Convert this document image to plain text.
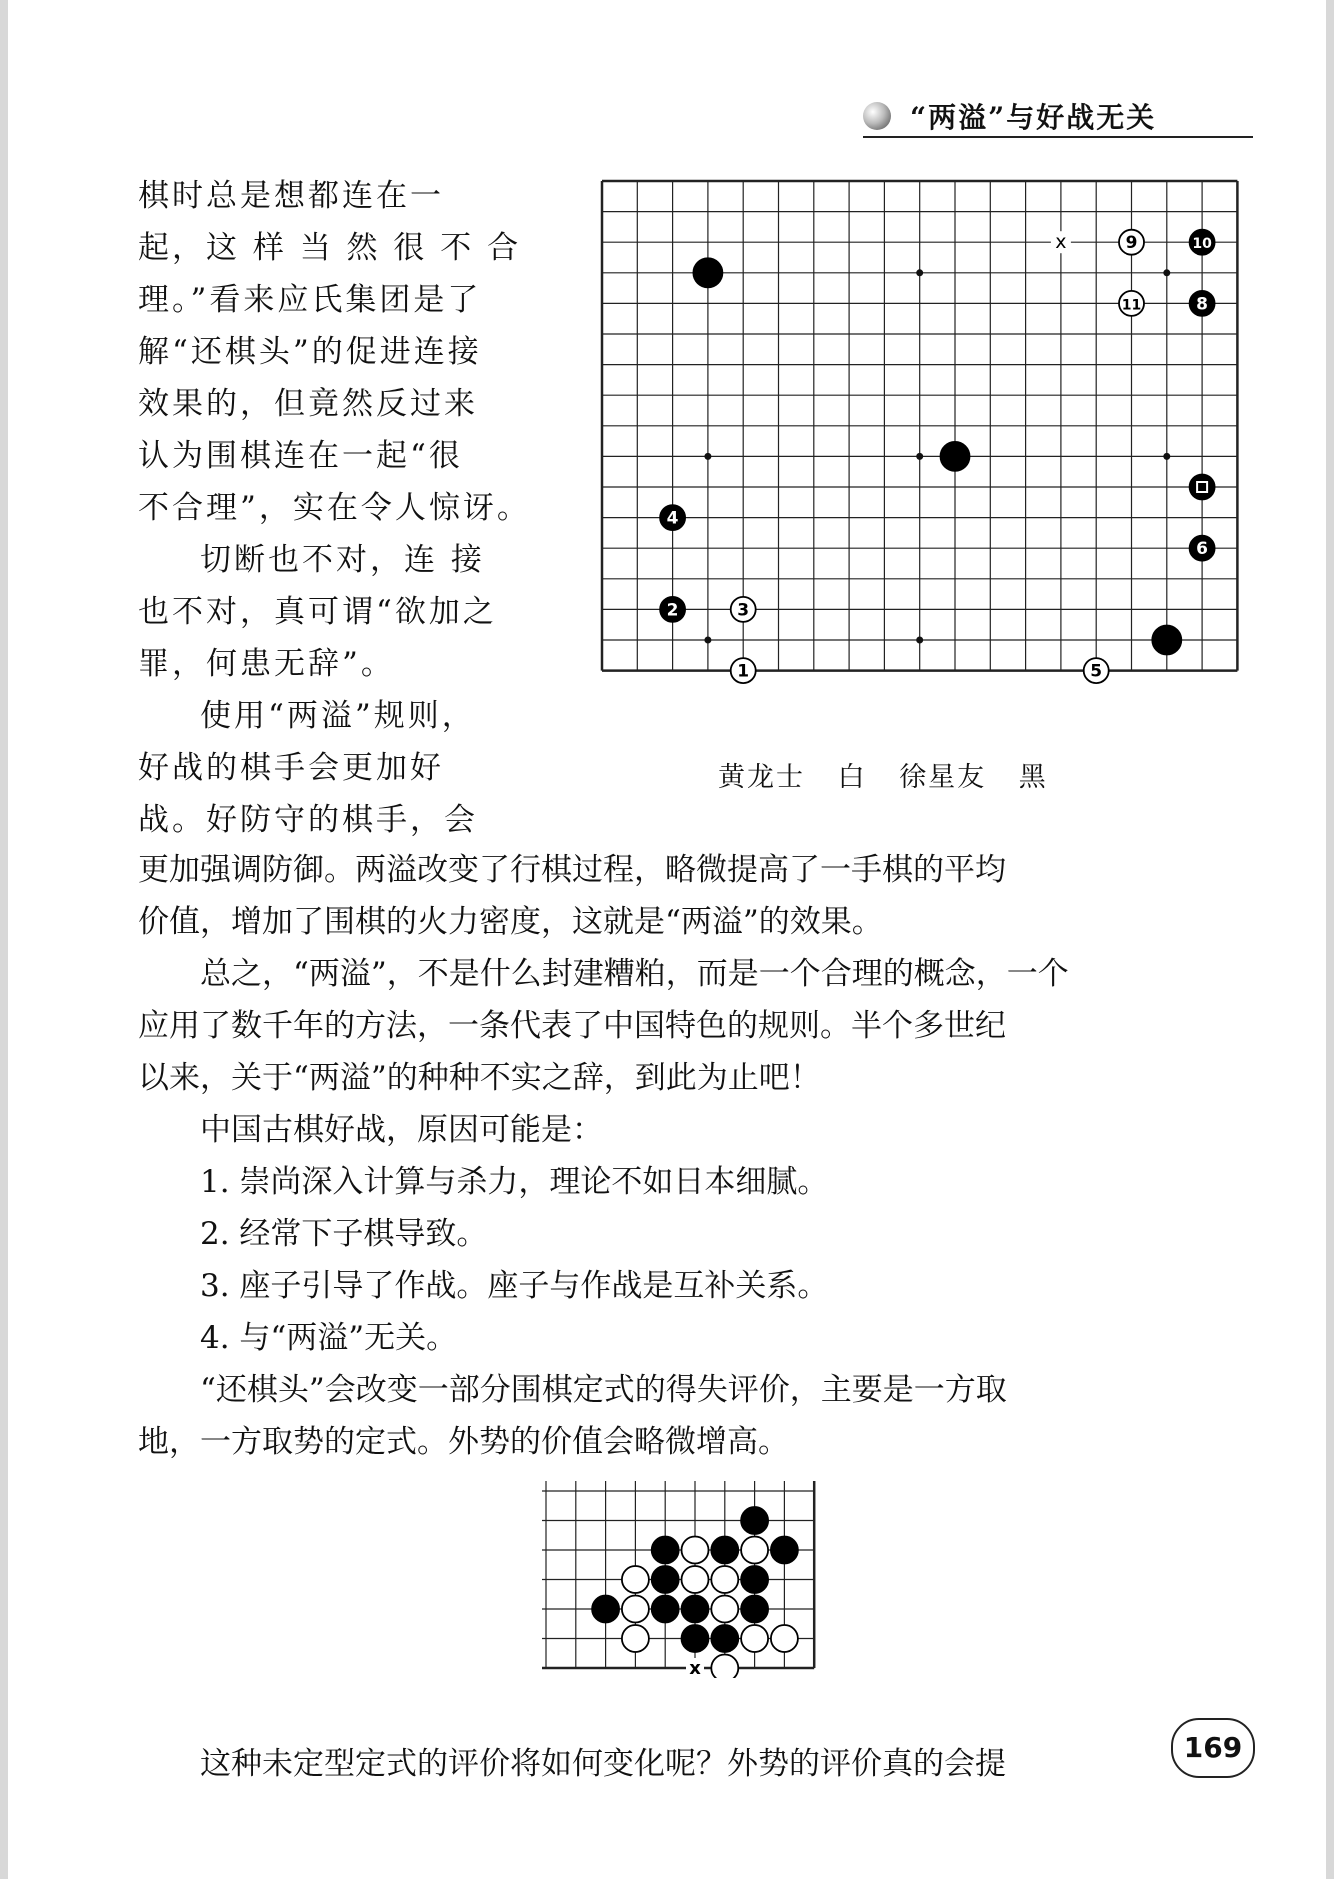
“两溢”与好战无关

棋时总是想都连在一

起，这 样 当 然 很 不 合

理。”看来应氏集团是了

解“还棋头”的促进连接

效果的，但竟然反过来

认为围棋连在一起“很

不合理”，实在令人惊讶。

切断也不对，连 接

也不对，真可谓“欲加之

罪，何患无辞”。

使用“两溢”规则，

好战的棋手会更加好

战。好防守的棋手，会

1
2	3
4
5
6
8
9	10
11
x
黄龙士 白 徐星友 黑

更加强调防御。两溢改变了行棋过程，略微提高了一手棋的平均

价值，增加了围棋的火力密度，这就是“两溢”的效果。

总之，“两溢”，不是什么封建糟粕，而是一个合理的概念，一个

应用了数千年的方法，一条代表了中国特色的规则。半个多世纪

以来，关于“两溢”的种种不实之辞，到此为止吧！

中国古棋好战，原因可能是：

1. 崇尚深入计算与杀力，理论不如日本细腻。

2. 经常下子棋导致。

3. 座子引导了作战。座子与作战是互补关系。

4. 与“两溢”无关。

“还棋头”会改变一部分围棋定式的得失评价，主要是一方取

地，一方取势的定式。外势的价值会略微增高。

这种未定型定式的评价将如何变化呢？外势的评价真的会提

x
169
